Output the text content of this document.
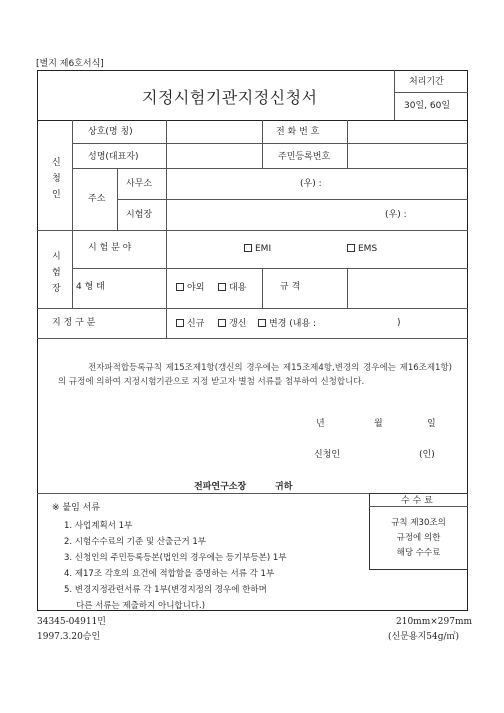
[별지 제6호서식]
지정시험기관지정신청서
처리기간
30일, 60일
신
청
인
상호(명 칭)	전 화 번 호
성명(대표자)	주민등록번호
주소
사무소	(우) :
시험장	(우) :
시
험
장
시 험 분 야	EMI	EMS
4 형 태	야외	대용	규 격
지 정 구 분	신규	갱신	변경 (내용 :	)
전자파적합등록규칙 제15조제1항(갱신의 경우에는 제15조제4항,변경의 경우에는 제16조제1항)의 규정에 의하여 지정시험기관으로 지정 받고자 별첨 서류를 첨부하여 신청합니다.
년	월	일
신청인	(인)
전파연구소장	귀하
※ 붙임 서류
1. 사업계획서 1부
2. 시험수수료의 기준 및 산출근거 1부
3. 신청인의 주민등록등본(법인의 경우에는 등기부등본) 1부
4. 제17조 각호의 요건에 적합함을 증명하는 서류 각 1부
5. 변경지정관련서류 각 1부(변경지정의 경우에 한하며
다른 서류는 제출하지 아니합니다.)
수 수 료
규칙 제30조의
규정에 의한
해당 수수료
34345-04911민
1997.3.20승인
210mm×297mm
(신문용지54g/㎡)
